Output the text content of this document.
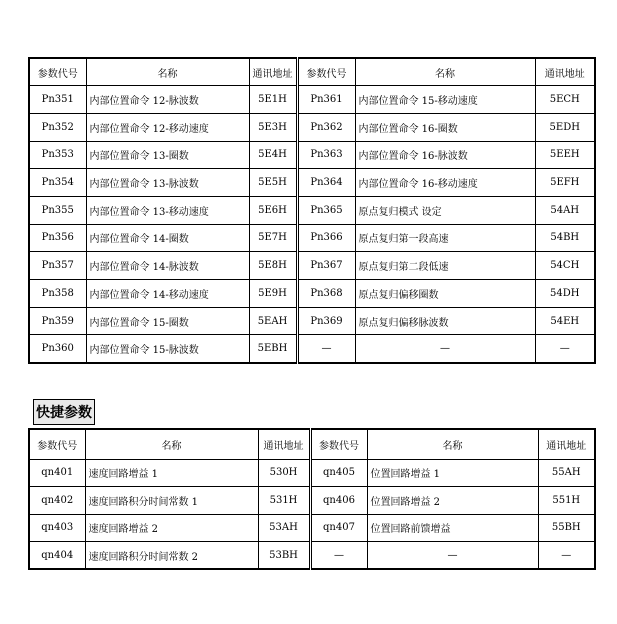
参数代号	名称	通讯地址	参数代号	名称	通讯地址
Pn351	内部位置命令 12-脉波数	5E1H	Pn361	内部位置命令 15-移动速度	5ECH
Pn352	内部位置命令 12-移动速度	5E3H	Pn362	内部位置命令 16-圈数	5EDH
Pn353	内部位置命令 13-圈数	5E4H	Pn363	内部位置命令 16-脉波数	5EEH
Pn354	内部位置命令 13-脉波数	5E5H	Pn364	内部位置命令 16-移动速度	5EFH
Pn355	内部位置命令 13-移动速度	5E6H	Pn365	原点复归模式 设定	54AH
Pn356	内部位置命令 14-圈数	5E7H	Pn366	原点复归第一段高速	54BH
Pn357	内部位置命令 14-脉波数	5E8H	Pn367	原点复归第二段低速	54CH
Pn358	内部位置命令 14-移动速度	5E9H	Pn368	原点复归偏移圈数	54DH
Pn359	内部位置命令 15-圈数	5EAH	Pn369	原点复归偏移脉波数	54EH
Pn360	内部位置命令 15-脉波数	5EBH	—	—	—
快捷参数
参数代号	名称	通讯地址	参数代号	名称	通讯地址
qn401	速度回路增益 1	530H	qn405	位置回路增益 1	55AH
qn402	速度回路积分时间常数 1	531H	qn406	位置回路增益 2	551H
qn403	速度回路增益 2	53AH	qn407	位置回路前馈增益	55BH
qn404	速度回路积分时间常数 2	53BH	—	—	—
